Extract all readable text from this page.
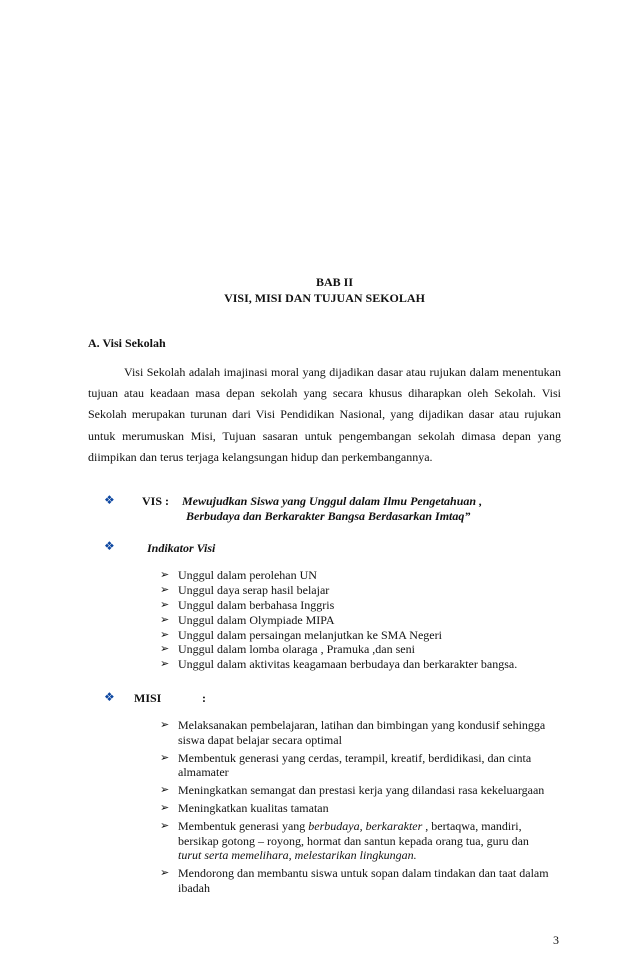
BAB II
VISI, MISI DAN TUJUAN SEKOLAH
A. Visi Sekolah
Visi Sekolah adalah imajinasi moral yang dijadikan dasar atau rujukan dalam menentukan tujuan atau keadaan masa depan sekolah yang secara khusus diharapkan oleh Sekolah. Visi Sekolah merupakan turunan dari Visi Pendidikan Nasional, yang dijadikan dasar atau rujukan untuk merumuskan Misi, Tujuan sasaran untuk pengembangan sekolah dimasa depan yang diimpikan dan terus terjaga kelangsungan hidup dan perkembangannya.
❖ VIS : Mewujudkan Siswa yang Unggul dalam Ilmu Pengetahuan ,
Berbudaya dan Berkarakter Bangsa Berdasarkan Imtaq”
❖	Indikator Visi
➢ Unggul dalam perolehan UN
➢ Unggul daya serap hasil belajar
➢ Unggul dalam berbahasa Inggris
➢ Unggul dalam Olympiade MIPA
➢ Unggul dalam persaingan melanjutkan ke SMA Negeri
➢ Unggul dalam lomba olaraga , Pramuka ,dan seni
➢ Unggul dalam aktivitas keagamaan berbudaya dan berkarakter bangsa.
❖ MISI	:
➢ Melaksanakan pembelajaran, latihan dan bimbingan yang kondusif sehingga siswa dapat belajar secara optimal
➢ Membentuk generasi yang cerdas, terampil, kreatif, berdidikasi, dan cinta almamater
➢ Meningkatkan semangat dan prestasi kerja yang dilandasi rasa kekeluargaan
➢ Meningkatkan kualitas tamatan
➢ Membentuk generasi yang berbudaya, berkarakter , bertaqwa, mandiri, bersikap gotong – royong, hormat dan santun kepada orang tua, guru dan turut serta memelihara, melestarikan lingkungan.
➢ Mendorong dan membantu siswa untuk sopan dalam tindakan dan taat dalam ibadah
3
